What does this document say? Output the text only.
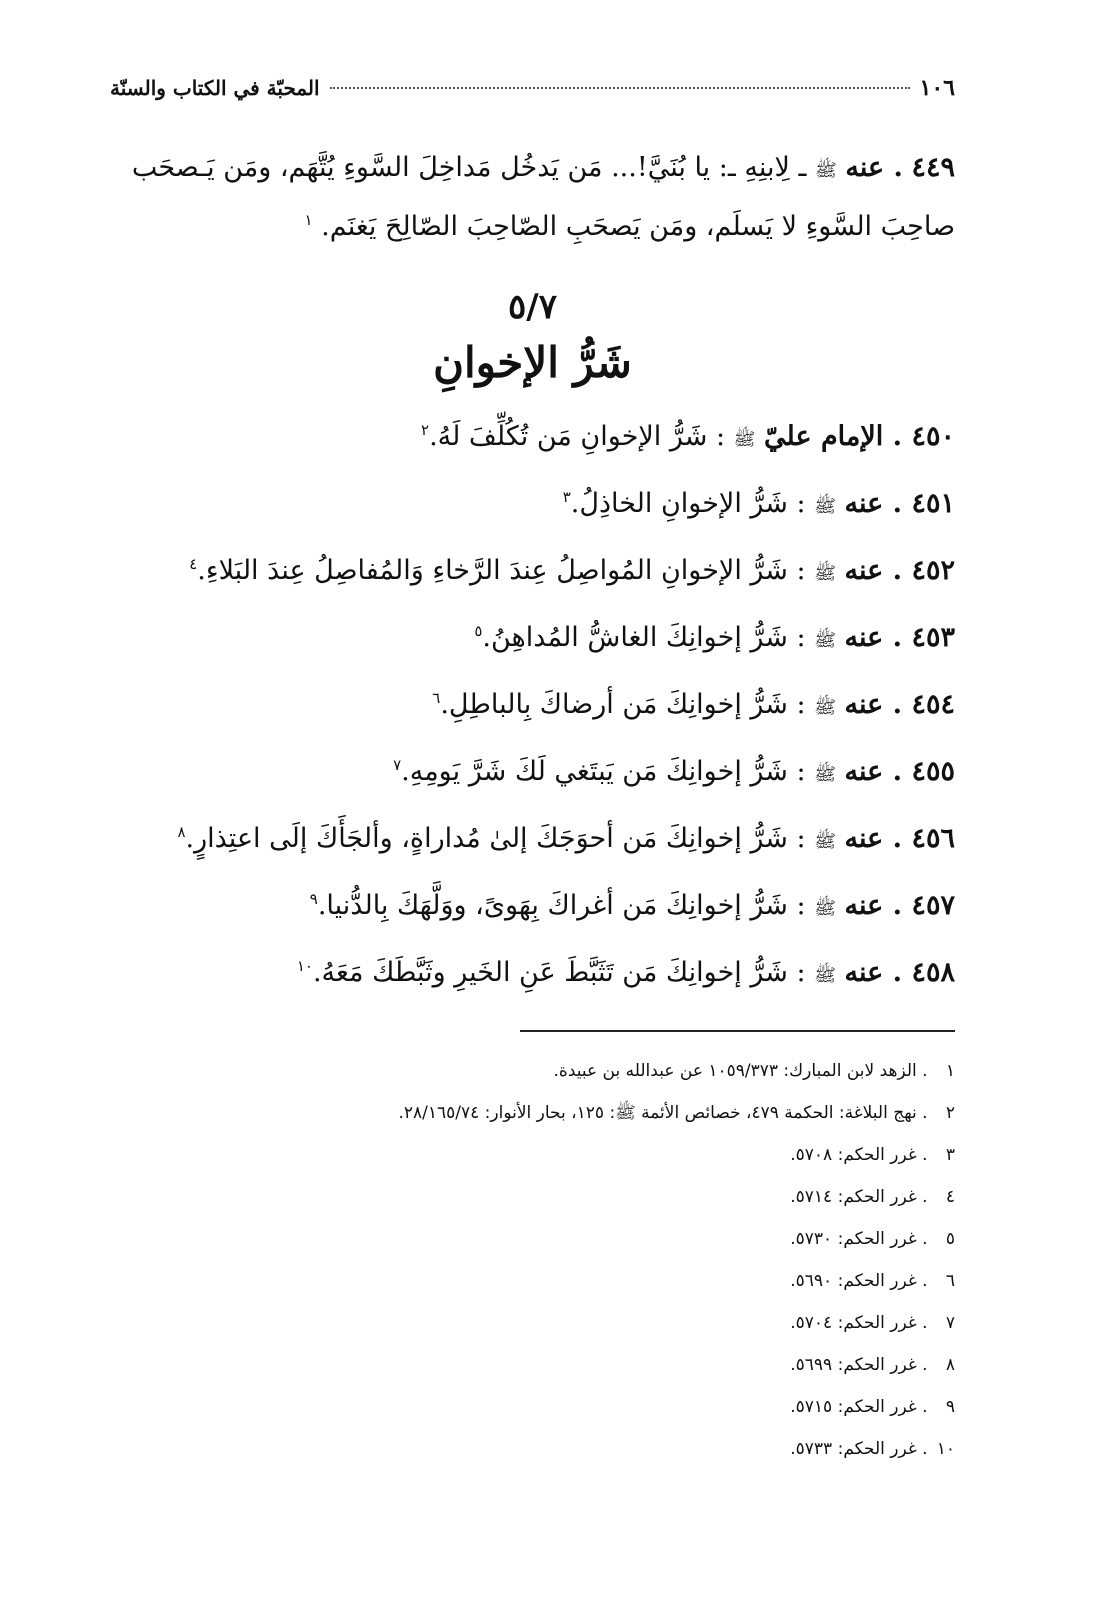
١٠٦
المحبّة في الكتاب والسنّة

٤٤٩ . عنه ﷺ ـ لِابنِهِ ـ: يا بُنَيَّ!... مَن يَدخُل مَداخِلَ السَّوءِ يُتَّهَم، ومَن يَـصحَب صاحِبَ السَّوءِ لا يَسلَم، ومَن يَصحَبِ الصّاحِبَ الصّالِحَ يَغنَم. $^١$

٥/٧
شَرُّ الإخوانِ

٤٥٠ . الإمام عليّ ﷺ : شَرُّ الإخوانِ مَن تُكُلِّفَ لَهُ.$^٢$

٤٥١ . عنه ﷺ : شَرُّ الإخوانِ الخاذِلُ.$^٣$

٤٥٢ . عنه ﷺ : شَرُّ الإخوانِ المُواصِلُ عِندَ الرَّخاءِ وَالمُفاصِلُ عِندَ البَلاءِ.$^٤$

٤٥٣ . عنه ﷺ : شَرُّ إخوانِكَ الغاشُّ المُداهِنُ.$^٥$

٤٥٤ . عنه ﷺ : شَرُّ إخوانِكَ مَن أرضاكَ بِالباطِلِ.$^٦$

٤٥٥ . عنه ﷺ : شَرُّ إخوانِكَ مَن يَبتَغي لَكَ شَرَّ يَومِهِ.$^٧$

٤٥٦ . عنه ﷺ : شَرُّ إخوانِكَ مَن أحوَجَكَ إلىٰ مُداراةٍ، وألجَأَكَ إلَى اعتِذارٍ.$^٨$

٤٥٧ . عنه ﷺ : شَرُّ إخوانِكَ مَن أغراكَ بِهَوىً، ووَلَّهَكَ بِالدُّنيا.$^٩$

٤٥٨ . عنه ﷺ : شَرُّ إخوانِكَ مَن تَثَبَّطَ عَنِ الخَيرِ وثَبَّطَكَ مَعَهُ.$^{١٠}$

١ . الزهد لابن المبارك: ١٠٥٩/٣٧٣ عن عبدالله بن عبيدة.

٢ . نهج البلاغة: الحكمة ٤٧٩، خصائص الأئمة ﷺ: ١٢٥، بحار الأنوار: ٢٨/١٦٥/٧٤.

٣ . غرر الحكم: ٥٧٠٨.

٤ . غرر الحكم: ٥٧١٤.

٥ . غرر الحكم: ٥٧٣٠.

٦ . غرر الحكم: ٥٦٩٠.

٧ . غرر الحكم: ٥٧٠٤.

٨ . غرر الحكم: ٥٦٩٩.

٩ . غرر الحكم: ٥٧١٥.

١٠ . غرر الحكم: ٥٧٣٣.
